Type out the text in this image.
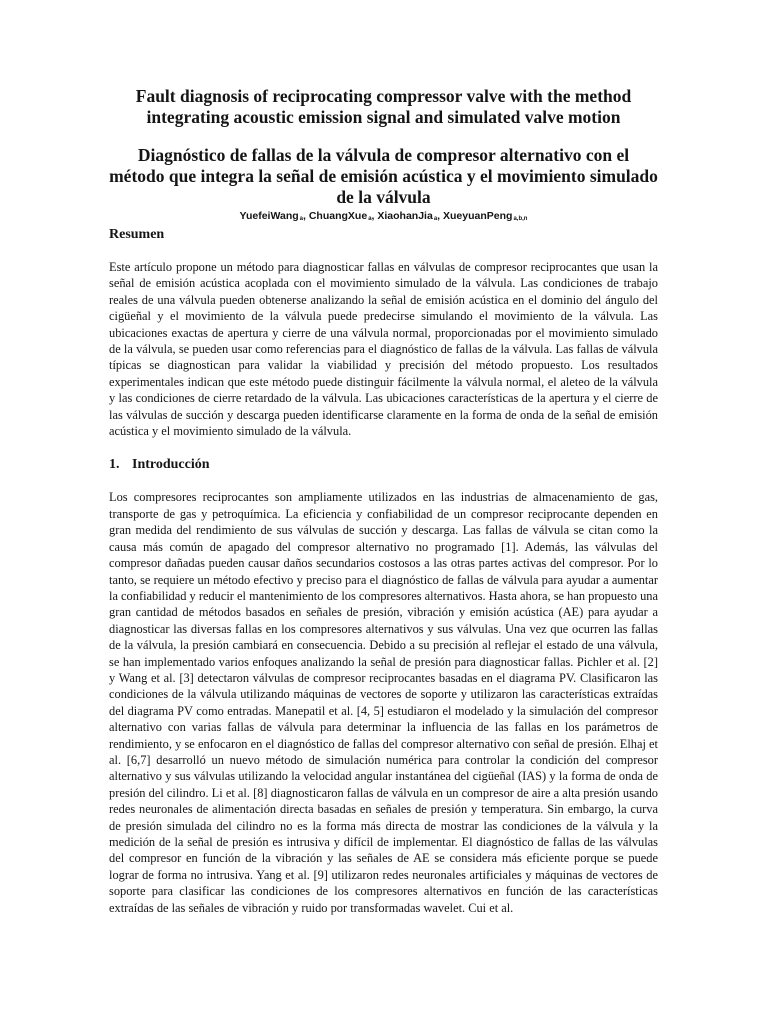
Fault diagnosis of reciprocating compressor valve with the method integrating acoustic emission signal and simulated valve motion
Diagnóstico de fallas de la válvula de compresor alternativo con el método que integra la señal de emisión acústica y el movimiento simulado de la válvula
YuefeiWang$_a$, ChuangXue$_a$, XiaohanJia$_a$, XueyuanPeng$_{a,b,n}$
Resumen

Este artículo propone un método para diagnosticar fallas en válvulas de compresor reciprocantes que usan la señal de emisión acústica acoplada con el movimiento simulado de la válvula. Las condiciones de trabajo reales de una válvula pueden obtenerse analizando la señal de emisión acústica en el dominio del ángulo del cigüeñal y el movimiento de la válvula puede predecirse simulando el movimiento de la válvula. Las ubicaciones exactas de apertura y cierre de una válvula normal, proporcionadas por el movimiento simulado de la válvula, se pueden usar como referencias para el diagnóstico de fallas de la válvula. Las fallas de válvula típicas se diagnostican para validar la viabilidad y precisión del método propuesto. Los resultados experimentales indican que este método puede distinguir fácilmente la válvula normal, el aleteo de la válvula y las condiciones de cierre retardado de la válvula. Las ubicaciones características de la apertura y el cierre de las válvulas de succión y descarga pueden identificarse claramente en la forma de onda de la señal de emisión acústica y el movimiento simulado de la válvula.

1. Introducción

Los compresores reciprocantes son ampliamente utilizados en las industrias de almacenamiento de gas, transporte de gas y petroquímica. La eficiencia y confiabilidad de un compresor reciprocante dependen en gran medida del rendimiento de sus válvulas de succión y descarga. Las fallas de válvula se citan como la causa más común de apagado del compresor alternativo no programado [1]. Además, las válvulas del compresor dañadas pueden causar daños secundarios costosos a las otras partes activas del compresor. Por lo tanto, se requiere un método efectivo y preciso para el diagnóstico de fallas de válvula para ayudar a aumentar la confiabilidad y reducir el mantenimiento de los compresores alternativos. Hasta ahora, se han propuesto una gran cantidad de métodos basados en señales de presión, vibración y emisión acústica (AE) para ayudar a diagnosticar las diversas fallas en los compresores alternativos y sus válvulas. Una vez que ocurren las fallas de la válvula, la presión cambiará en consecuencia. Debido a su precisión al reflejar el estado de una válvula, se han implementado varios enfoques analizando la señal de presión para diagnosticar fallas. Pichler et al. [2] y Wang et al. [3] detectaron válvulas de compresor reciprocantes basadas en el diagrama PV. Clasificaron las condiciones de la válvula utilizando máquinas de vectores de soporte y utilizaron las características extraídas del diagrama PV como entradas. Manepatil et al. [4, 5] estudiaron el modelado y la simulación del compresor alternativo con varias fallas de válvula para determinar la influencia de las fallas en los parámetros de rendimiento, y se enfocaron en el diagnóstico de fallas del compresor alternativo con señal de presión. Elhaj et al. [6,7] desarrolló un nuevo método de simulación numérica para controlar la condición del compresor alternativo y sus válvulas utilizando la velocidad angular instantánea del cigüeñal (IAS) y la forma de onda de presión del cilindro. Li et al. [8] diagnosticaron fallas de válvula en un compresor de aire a alta presión usando redes neuronales de alimentación directa basadas en señales de presión y temperatura. Sin embargo, la curva de presión simulada del cilindro no es la forma más directa de mostrar las condiciones de la válvula y la medición de la señal de presión es intrusiva y difícil de implementar. El diagnóstico de fallas de las válvulas del compresor en función de la vibración y las señales de AE se considera más eficiente porque se puede lograr de forma no intrusiva. Yang et al. [9] utilizaron redes neuronales artificiales y máquinas de vectores de soporte para clasificar las condiciones de los compresores alternativos en función de las características extraídas de las señales de vibración y ruido por transformadas wavelet. Cui et al.
